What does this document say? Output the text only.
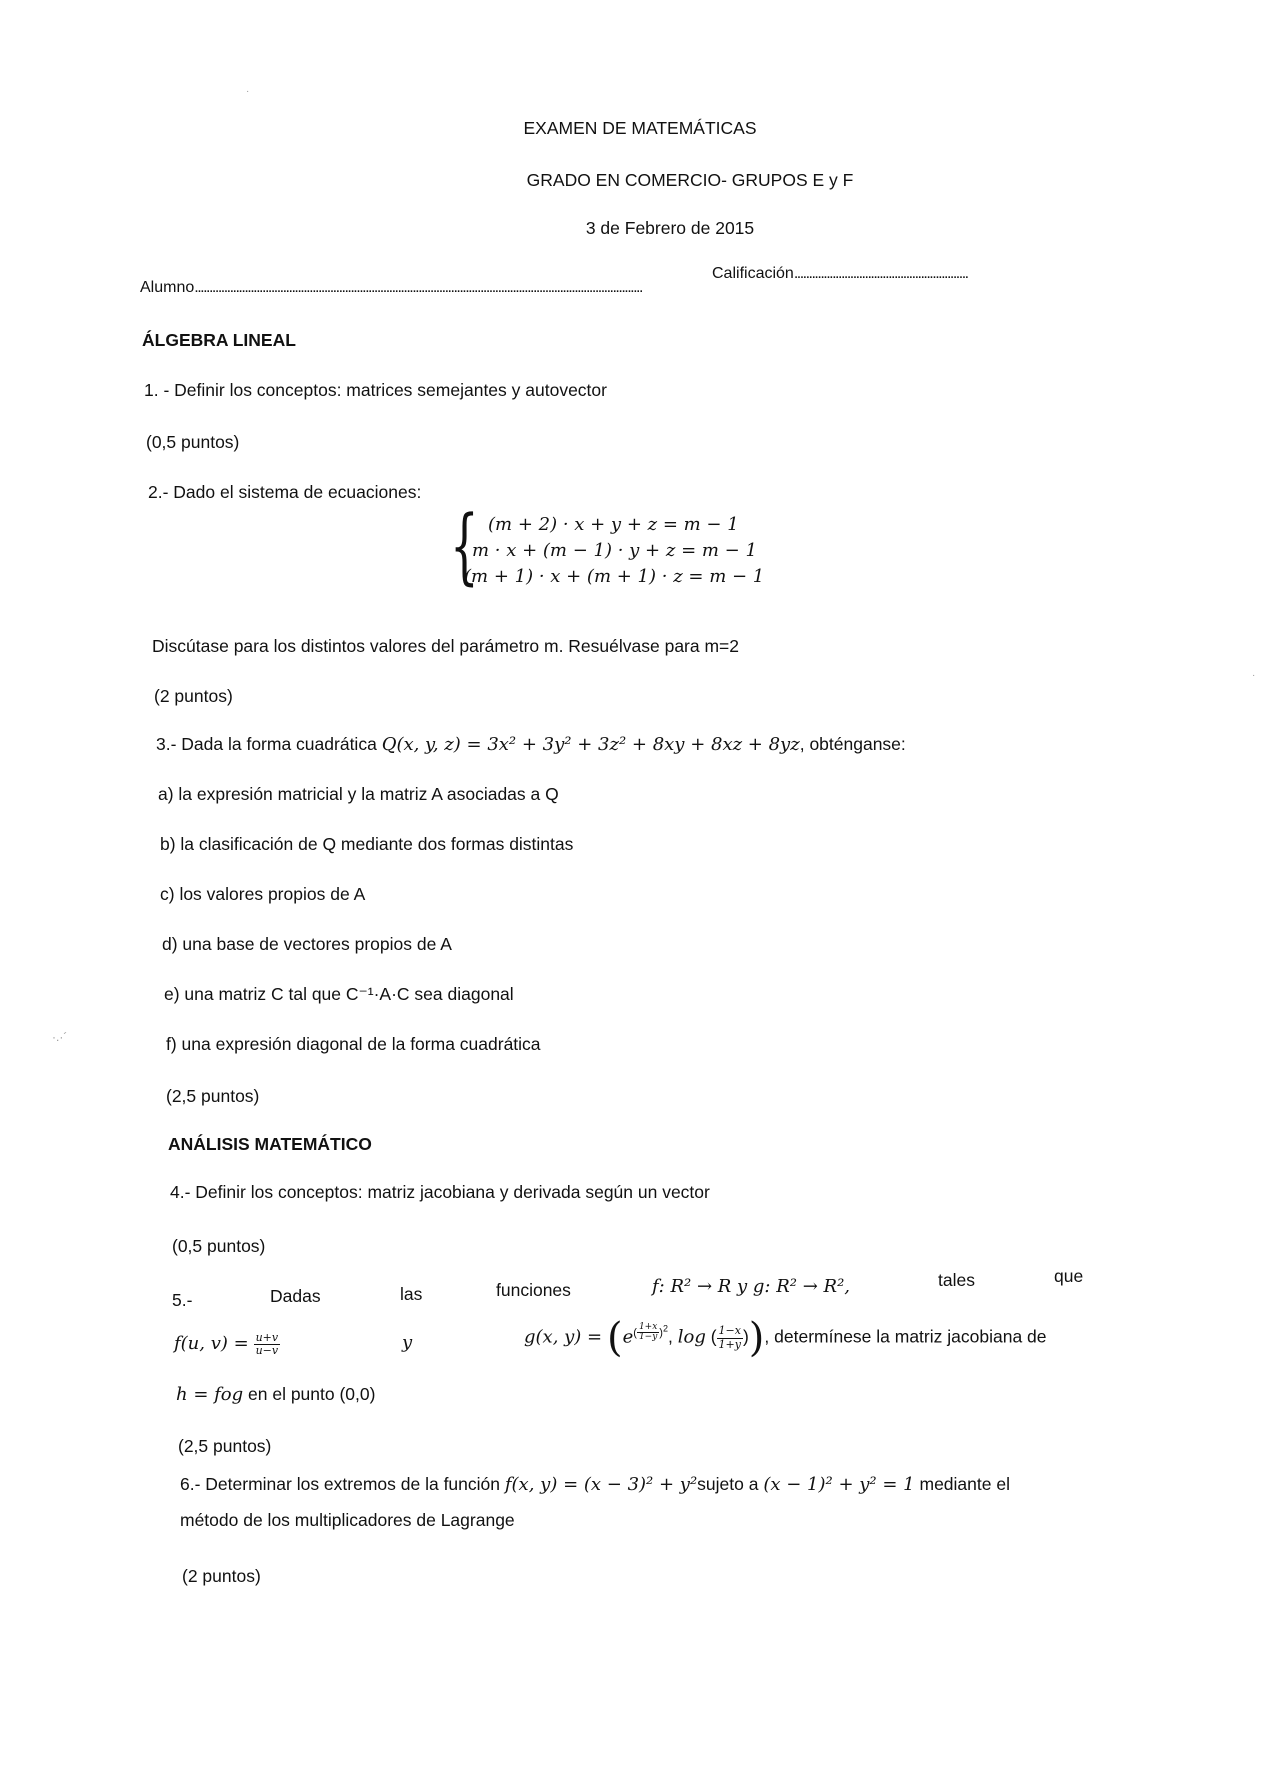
EXAMEN DE MATEMÁTICAS
GRADO EN COMERCIO- GRUPOS E y F
3 de Febrero de 2015
Alumno........................................................................................................................................................
Calificación...........................................................
ÁLGEBRA LINEAL
1. - Definir los conceptos: matrices semejantes y autovector
(0,5 puntos)
2.- Dado el sistema de ecuaciones:
{ (m + 2) · x + y + z = m − 1
m · x + (m − 1) · y + z = m − 1
(m + 1) · x + (m + 1) · z = m − 1
Discútase para los distintos valores del parámetro m. Resuélvase para m=2
(2 puntos)
3.- Dada la forma cuadrática Q(x, y, z) = 3x² + 3y² + 3z² + 8xy + 8xz + 8yz, obténganse:
a) la expresión matricial y la matriz A asociadas a Q
b) la clasificación de Q mediante dos formas distintas
c) los valores propios de A
d) una base de vectores propios de A
e) una matriz C tal que C⁻¹·A·C sea diagonal
f) una expresión diagonal de la forma cuadrática
(2,5 puntos)
ANÁLISIS MATEMÁTICO
4.- Definir los conceptos: matriz jacobiana y derivada según un vector
(0,5 puntos)
5.-	Dadas	las	funciones	f: R² → R y g: R² → R²,	tales	que
f(u, $v) = \frac{u+v}{u-v}$	y	g(x, $y) = (e^{( \frac{1+x}{1-y} )^2}$, log ( $\frac{1-x}{1+y}$ )), determínese la matriz jacobiana de
h = fog en el punto (0,0)
(2,5 puntos)
6.- Determinar los extremos de la función f(x, y) = (x − 3)² + y²sujeto a (x − 1)² + y² = 1 mediante el
método de los multiplicadores de Lagrange
(2 puntos)
·
·.·´
·
